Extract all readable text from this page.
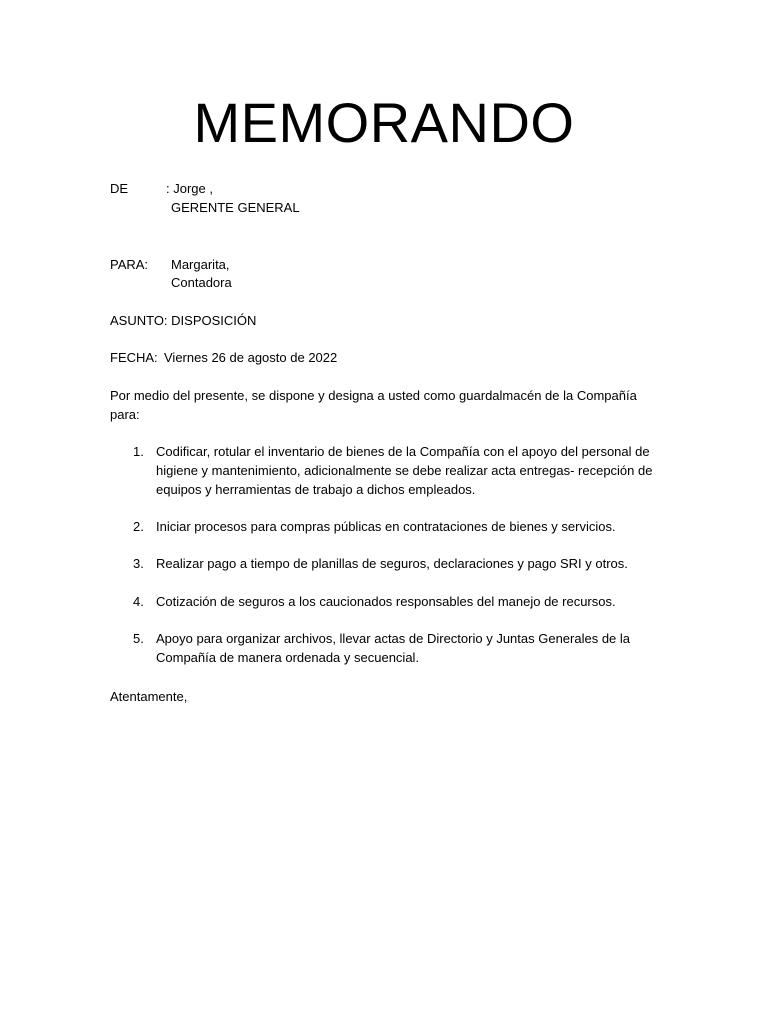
MEMORANDO
DE	: Jorge ,
GERENTE GENERAL
PARA: Margarita,
Contadora
ASUNTO: DISPOSICIÓN
FECHA: Viernes 26 de agosto de 2022
Por medio del presente, se dispone y designa a usted como guardalmacén de la Compañía para:
1. Codificar, rotular el inventario de bienes de la Compañía con el apoyo del personal de higiene y mantenimiento, adicionalmente se debe realizar acta entregas- recepción de equipos y herramientas de trabajo a dichos empleados.
2. Iniciar procesos para compras públicas en contrataciones de bienes y servicios.
3. Realizar pago a tiempo de planillas de seguros, declaraciones y pago SRI y otros.
4. Cotización de seguros a los caucionados responsables del manejo de recursos.
5. Apoyo para organizar archivos, llevar actas de Directorio y Juntas Generales de la Compañía de manera ordenada y secuencial.
Atentamente,
